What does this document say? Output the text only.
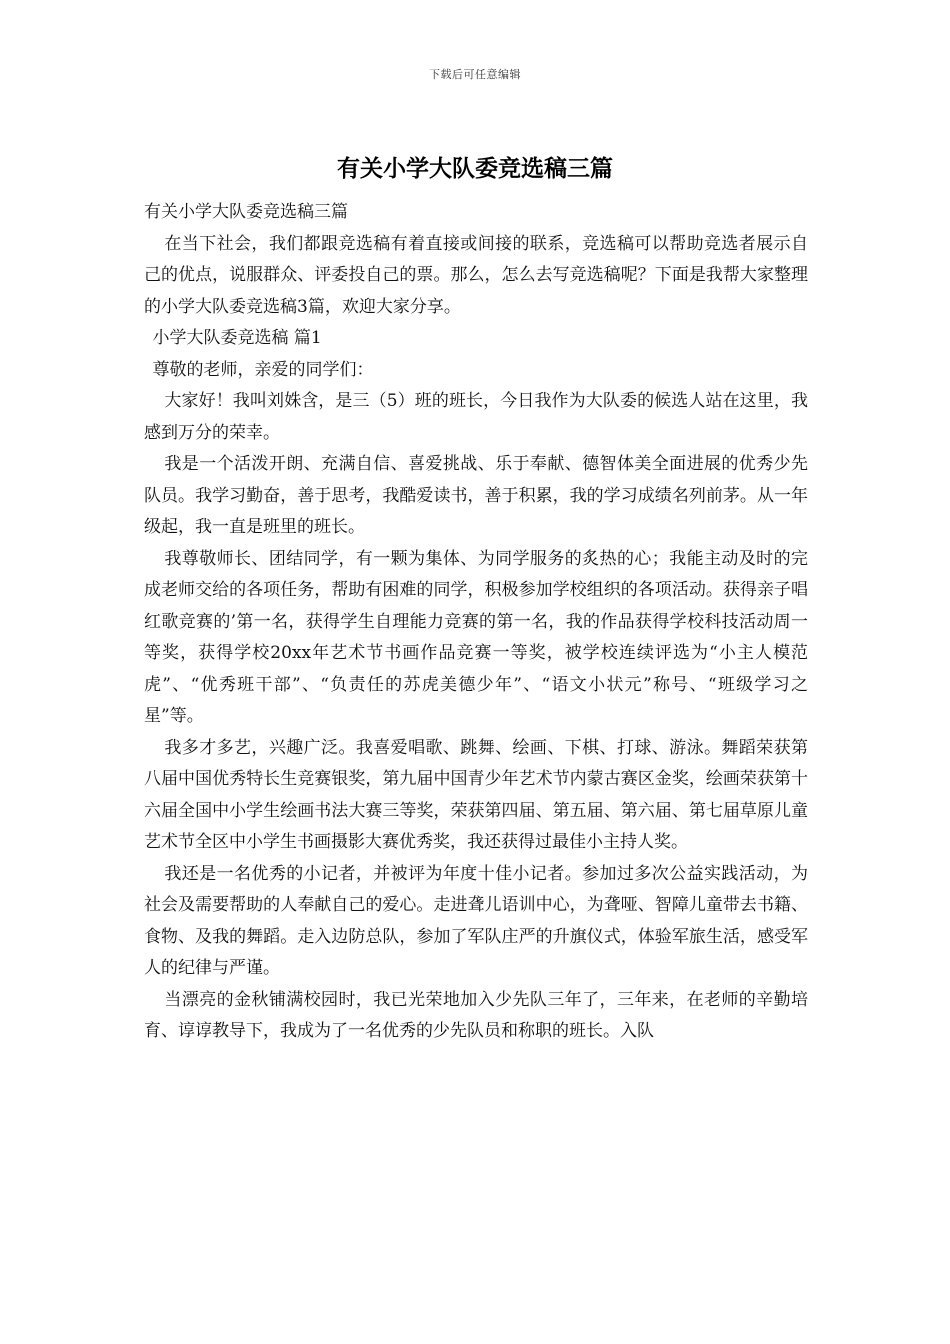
下载后可任意编辑
有关小学大队委竞选稿三篇

有关小学大队委竞选稿三篇

在当下社会，我们都跟竞选稿有着直接或间接的联系，竞选稿可以帮助竞选者展示自己的优点，说服群众、评委投自己的票。那么，怎么去写竞选稿呢？下面是我帮大家整理的小学大队委竞选稿3篇，欢迎大家分享。

小学大队委竞选稿 篇1

尊敬的老师，亲爱的同学们：

大家好！我叫刘姝含，是三（5）班的班长，今日我作为大队委的候选人站在这里，我感到万分的荣幸。

我是一个活泼开朗、充满自信、喜爱挑战、乐于奉献、德智体美全面进展的优秀少先队员。我学习勤奋，善于思考，我酷爱读书，善于积累，我的学习成绩名列前茅。从一年级起，我一直是班里的班长。

我尊敬师长、团结同学，有一颗为集体、为同学服务的炙热的心；我能主动及时的完成老师交给的各项任务，帮助有困难的同学，积极参加学校组织的各项活动。获得亲子唱红歌竞赛的’第一名，获得学生自理能力竞赛的第一名，我的作品获得学校科技活动周一等奖，获得学校20xx年艺术节书画作品竞赛一等奖，被学校连续评选为“小主人模范虎”、“优秀班干部”、“负责任的苏虎美德少年”、“语文小状元”称号、“班级学习之星”等。

我多才多艺，兴趣广泛。我喜爱唱歌、跳舞、绘画、下棋、打球、游泳。舞蹈荣获第八届中国优秀特长生竞赛银奖，第九届中国青少年艺术节内蒙古赛区金奖，绘画荣获第十六届全国中小学生绘画书法大赛三等奖，荣获第四届、第五届、第六届、第七届草原儿童艺术节全区中小学生书画摄影大赛优秀奖，我还获得过最佳小主持人奖。

我还是一名优秀的小记者，并被评为年度十佳小记者。参加过多次公益实践活动，为社会及需要帮助的人奉献自己的爱心。走进聋儿语训中心，为聋哑、智障儿童带去书籍、食物、及我的舞蹈。走入边防总队，参加了军队庄严的升旗仪式，体验军旅生活，感受军人的纪律与严谨。

当漂亮的金秋铺满校园时，我已光荣地加入少先队三年了，三年来，在老师的辛勤培育、谆谆教导下，我成为了一名优秀的少先队员和称职的班长。入队
